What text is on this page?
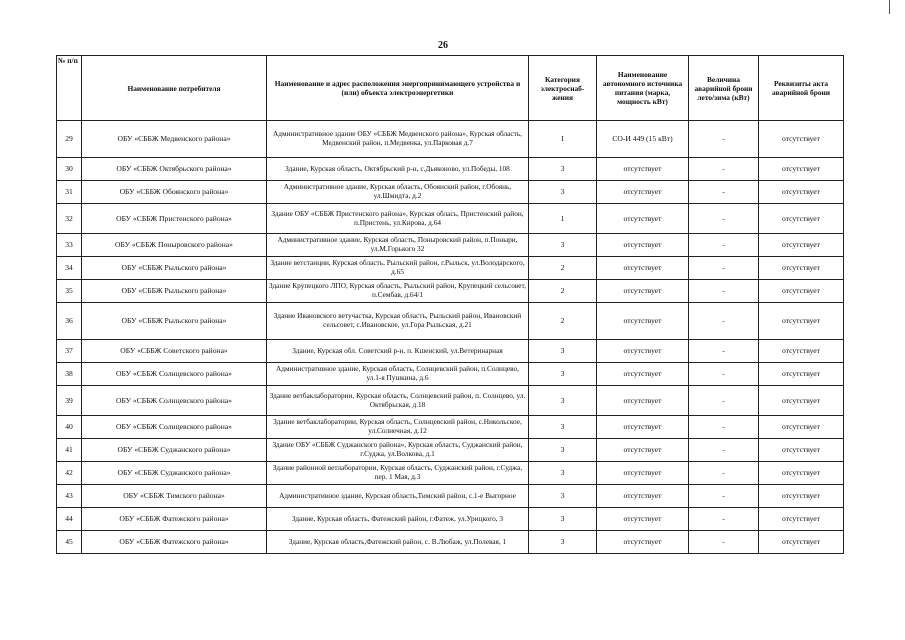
26
№ п/п	Наименование потребителя	Наименование и адрес расположения энергопринимающего устройства и (или) объекта электроэнергетики	Категория электроснаб-жения	Наименование автономного источника питания (марка, мощность кВт)	Величина аварийной брони лето/зима (кВт)	Реквизиты акта аварийной брони
29	ОБУ «СББЖ Медвенского района»	Административное здание ОБУ »СББЖ Медвенского района», Курская область, Медвенский район, п.Медвенка, ул.Парковая д.7	I	СО-И 449 (15 кВт)	-	отсутствует
30	ОБУ «СББЖ Октябрьского района»	Здание, Курская область, Октябрьский р-н, с.Дьяконово, ул.Победы, 108	3	отсутствует	-	отсутствует
31	ОБУ «СББЖ Обоянского района»	Административное здание, Курская область, Обоянский район, г.Обоянь, ул.Шмидта, д.2	3	отсутствует	-	отсутствует
32	ОБУ «СББЖ Пристенского района»	Здание ОБУ «СББЖ Пристенского района», Курская облась, Пристенский район, п.Пристень, ул.Кирова, д.64	1	отсутствует	-	отсутствует
33	ОБУ «СББЖ Поныровского района»	Административное здание, Курская область, Поныровский район, п.Поныри, ул.М.Горького 32	3	отсутствует	-	отсутствует
34	ОБУ «СББЖ Рыльского района»	Здание ветстанции, Курская область, Рыльский район, г.Рыльск, ул.Володарского, д.65	2	отсутствует	-	отсутствует
35	ОБУ «СББЖ Рыльского района»	Здание Крупецкого ЛПО, Курская область, Рыльский район, Крупецкий сельсовет, п.Сембав, д.64/1	2	отсутствует	-	отсутствует
36	ОБУ «СББЖ Рыльского района»	Здание Ивановского ветучастка, Курская область, Рыльский район, Ивановский сельсовет, с.Ивановское, ул.Гора Рыльская, д.21	2	отсутствует	-	отсутствует
37	ОБУ «СББЖ Советского района»	Здание, Курская обл. Советский р-н, п. Кшенский, ул.Ветеринарная	3	отсутствует	-	отсутствует
38	ОБУ «СББЖ Солнцевского района»	Административное здание, Курская область, Солнцевский район, п.Солнцево, ул.1-я Пушкина, д.6	3	отсутствует	-	отсутствует
39	ОБУ «СББЖ Солнцевского района»	Здание ветбаклаборатории, Курская область, Солнцевский район, п. Солнцево, ул. Октябрьская, д.18	3	отсутствует	-	отсутствует
40	ОБУ «СББЖ Солнцевского района»	Здание ветбаклаборатории, Курская область, Солнцевский район, с.Никольское, ул.Солнечная, д.12	3	отсутствует	-	отсутствует
41	ОБУ «СББЖ Суджанского района»	Здание ОБУ «СББЖ Суджанского района», Курская область, Суджанский район, г.Суджа, ул.Волкова, д.1	3	отсутствует	-	отсутствует
42	ОБУ «СББЖ Суджанского района»	Здание районной ветлаборатории, Курская область, Суджанский район, г.Суджа, пер. 1 Мая, д.3	3	отсутствует	-	отсутствует
43	ОБУ «СББЖ Тимского района»	Административное здание, Курская область,Тимский район, с.1-е Выгорное	3	отсутствует	-	отсутствует
44	ОБУ «СББЖ Фатежского района»	Здание, Курская область, Фатежский район, г.Фатеж, ул.Урицкого, 3	3	отсутствует	-	отсутствует
45	ОБУ «СББЖ Фатежского района»	Здание, Курская область,Фатежский район, с. В.Любаж, ул.Полевая, 1	3	отсутствует	-	отсутствует
